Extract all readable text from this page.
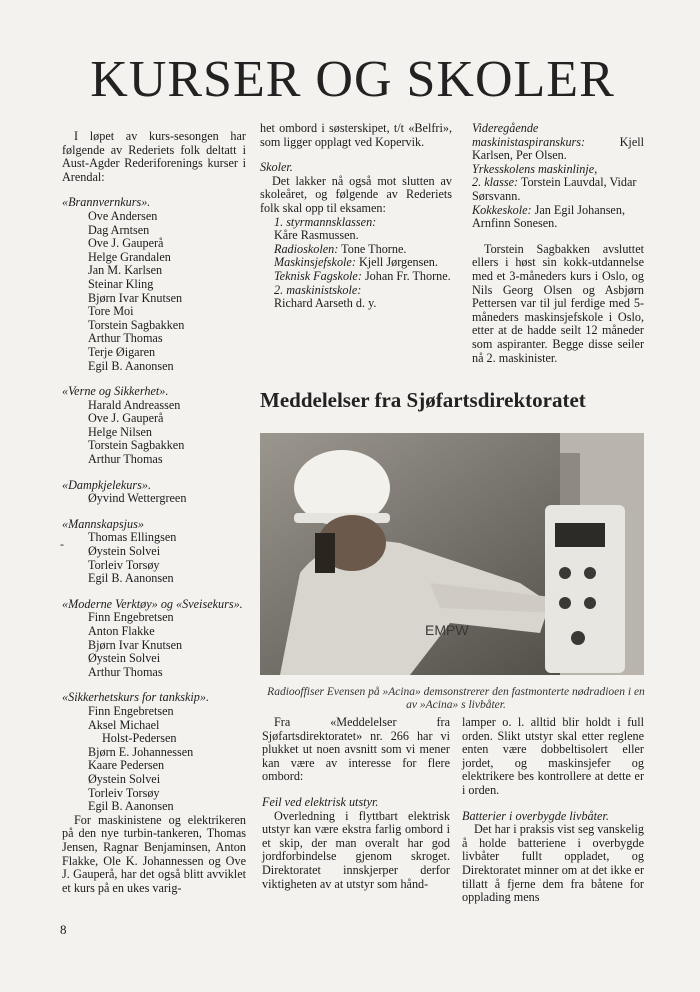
KURSER OG SKOLER

I løpet av kurs-sesongen har følgende av Rederiets folk deltatt i Aust-Agder Rederiforenings kurser i Arendal:

«Brannvernkurs».

Ove Andersen

Dag Arntsen

Ove J. Gauperå

Helge Grandalen

Jan M. Karlsen

Steinar Kling

Bjørn Ivar Knutsen

Tore Moi

Torstein Sagbakken

Arthur Thomas

Terje Øigaren

Egil B. Aanonsen

«Verne og Sikkerhet».

Harald Andreassen

Ove J. Gauperå

Helge Nilsen

Torstein Sagbakken

Arthur Thomas

«Dampkjelekurs».

Øyvind Wettergreen

«Mannskapsjus»

Thomas Ellingsen

Øystein Solvei

Torleiv Torsøy

Egil B. Aanonsen

«Moderne Verktøy» og «Sveisekurs».

Finn Engebretsen

Anton Flakke

Bjørn Ivar Knutsen

Øystein Solvei

Arthur Thomas

«Sikkerhetskurs for tankskip».

Finn Engebretsen

Aksel Michael

Holst-Pedersen

Bjørn E. Johannessen

Kaare Pedersen

Øystein Solvei

Torleiv Torsøy

Egil B. Aanonsen

For maskinistene og elektrikeren på den nye turbin-tankeren, Thomas Jensen, Ragnar Benjaminsen, Anton Flakke, Ole K. Johannessen og Ove J. Gauperå, har det også blitt avviklet et kurs på en ukes varig-

-

het ombord i søsterskipet, t/t «Belfri», som ligger opplagt ved Kopervik.

Skoler.

Det lakker nå også mot slutten av skoleåret, og følgende av Rederiets folk skal opp til eksamen:

1. styrmannsklassen:
Kåre Rasmussen.

Radioskolen: Tone Thorne.

Maskinsjefskole: Kjell Jørgensen.

Teknisk Fagskole: Johan Fr. Thorne.

2. maskinistskole:
Richard Aarseth d. y.

Videregående maskinistaspiranskurs:	Kjell Karlsen, Per Olsen.

Yrkesskolens maskinlinje,

2. klasse: Torstein Lauvdal, Vidar Sørsvann.

Kokkeskole: Jan Egil Johansen, Arnfinn Sonesen.

Torstein Sagbakken avsluttet ellers i høst sin kokk-utdannelse med et 3-måneders kurs i Oslo, og Nils Georg Olsen og Asbjørn Pettersen var til jul ferdige med 5-måneders maskinsjefskole i Oslo, etter at de hadde seilt 12 måneder som aspiranter. Begge disse seiler nå 2. maskinister.

Meddelelser fra Sjøfartsdirektoratet
EMPW

Radiooffiser Evensen på »Acina» demsonstrerer den fastmonterte nødradioen i en av »Acina» s livbåter.

Fra «Meddelelser fra Sjøfartsdirektoratet» nr. 266 har vi plukket ut noen avsnitt som vi mener kan være av interesse for flere ombord:

Feil ved elektrisk utstyr.

Overledning i flyttbart elektrisk utstyr kan være ekstra farlig ombord i et skip, der man overalt har god jordforbindelse gjenom skroget. Direktoratet innskjerper derfor viktigheten av at utstyr som hånd-

lamper o. l. alltid blir holdt i full orden. Slikt utstyr skal etter reglene enten være dobbeltisolert eller jordet, og maskinsjefer og elektrikere bes kontrollere at dette er i orden.

Batterier i overbygde livbåter.

Det har i praksis vist seg vanskelig å holde batteriene i overbygde livbåter fullt oppladet, og Direktoratet minner om at det ikke er tillatt å fjerne dem fra båtene for opplading mens

8
